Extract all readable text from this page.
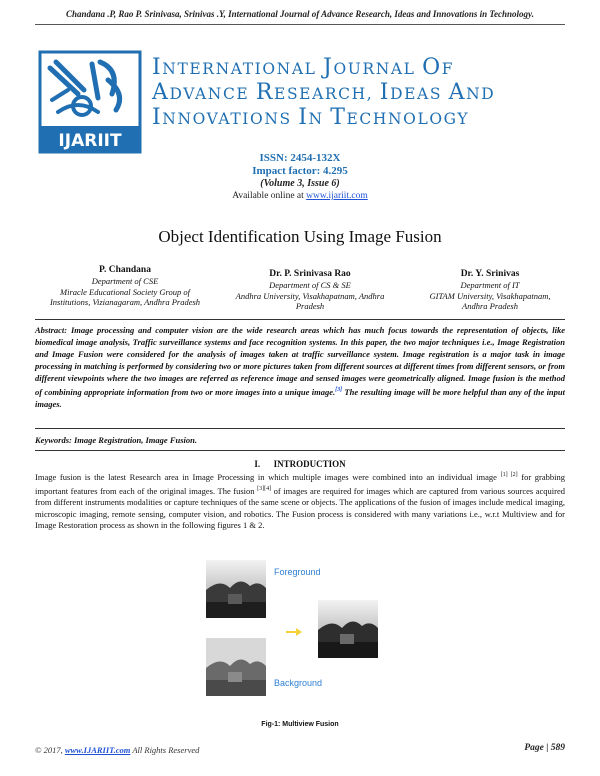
Chandana .P, Rao P. Srinivasa, Srinivas .Y, International Journal of Advance Research, Ideas and Innovations in Technology.
IJARIIT
INTERNATIONAL JOURNAL OF
ADVANCE RESEARCH, IDEAS AND
INNOVATIONS IN TECHNOLOGY
ISSN: 2454-132X
Impact factor: 4.295
(Volume 3, Issue 6)
Available online at www.ijariit.com
Object Identification Using Image Fusion
P. Chandana
Department of CSE
Miracle Educational Society Group of
Institutions, Vizianagaram, Andhra Pradesh
Dr. P. Srinivasa Rao
Department of CS & SE
Andhra University, Visakhapatnam, Andhra
Pradesh
Dr. Y. Srinivas
Department of IT
GITAM University, Visakhapatnam,
Andhra Pradesh
Abstract: Image processing and computer vision are the wide research areas which has much focus towards the representation of objects, like biomedical image analysis, Traffic surveillance systems and face recognition systems. In this paper, the two major techniques i.e., Image Registration and Image Fusion were considered for the analysis of images taken at traffic surveillance system. Image registration is a major task in image processing in matching is performed by considering two or more pictures taken from different sources at different times from different sensors, or from different viewpoints where the two images are referred as reference image and sensed images were geometrically aligned. Image fusion is the method of combining appropriate information from two or more images into a unique image.[3] The resulting image will be more helpful than any of the input images.
Keywords: Image Registration, Image Fusion.
I. INTRODUCTION
Image fusion is the latest Research area in Image Processing in which multiple images were combined into an individual image [1] [2] for grabbing important features from each of the original images. The fusion [3][4] of images are required for images which are captured from various sources acquired from different instruments modalities or capture techniques of the same scene or objects. The applications of the fusion of images include medical imaging, microscopic imaging, remote sensing, computer vision, and robotics. The Fusion process is considered with many variations i.e., w.r.t Multiview and for Image Restoration process as shown in the following figures 1 & 2.
Foreground
Background
Fig-1: Multiview Fusion
© 2017, www.IJARIIT.com All Rights Reserved	Page | 589
